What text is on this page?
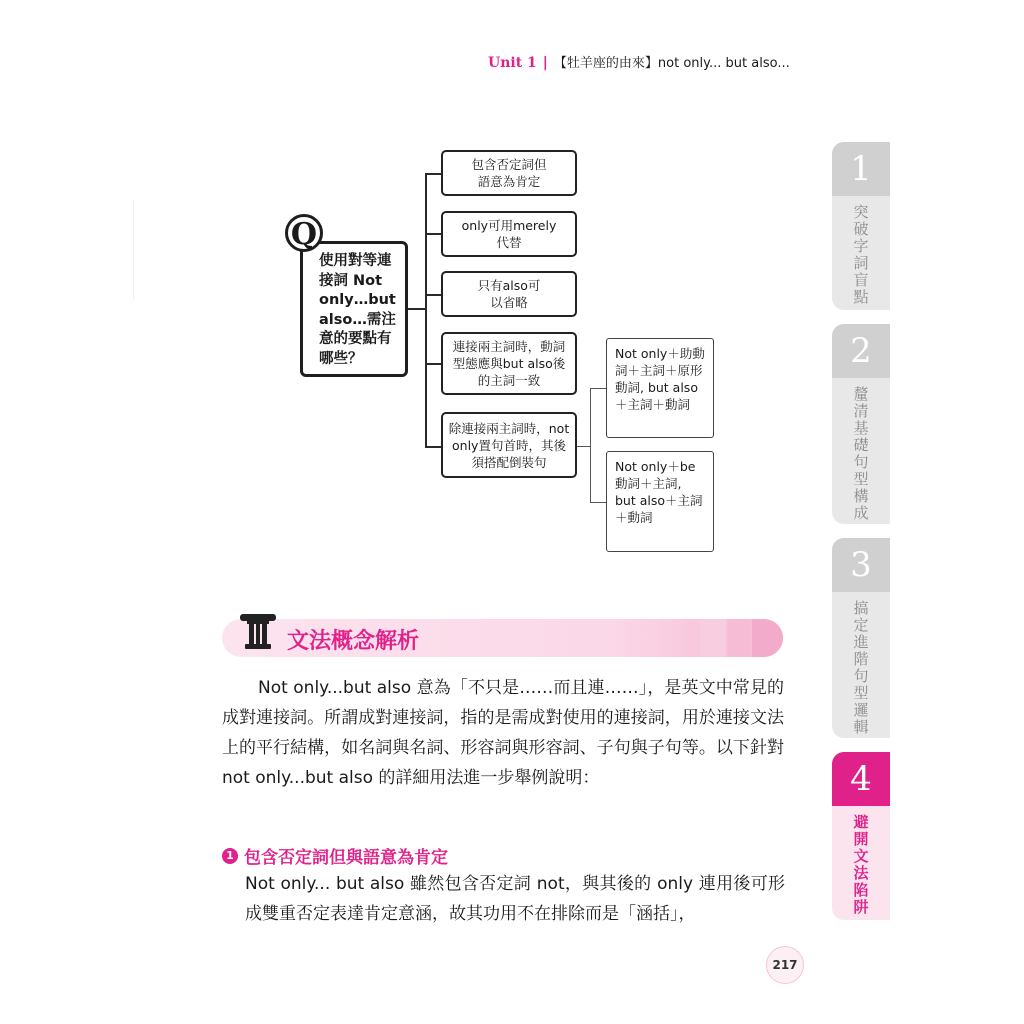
Unit 1 | 【牡羊座的由來】not only... but also...
使用對等連接詞 Not only…but also…需注意的要點有哪些？
Q
包含否定詞但語意為肯定
only可用merely代替
只有also可以省略
連接兩主詞時，動詞型態應與but also後的主詞一致
除連接兩主詞時，not only置句首時，其後須搭配倒裝句
Not only＋助動詞＋主詞＋原形動詞, but also＋主詞＋動詞
Not only＋be動詞＋主詞, but also＋主詞＋動詞
文法概念解析
Not only...but also 意為「不只是……而且連……」，是英文中常見的成對連接詞。所謂成對連接詞，指的是需成對使用的連接詞，用於連接文法上的平行結構，如名詞與名詞、形容詞與形容詞、子句與子句等。以下針對 not only...but also 的詳細用法進一步舉例說明：
1 包含否定詞但與語意為肯定
Not only... but also 雖然包含否定詞 not，與其後的 only 連用後可形成雙重否定表達肯定意涵，故其功用不在排除而是「涵括」，
1
突破字詞盲點
2
釐清基礎句型構成
3
搞定進階句型邏輯
4
避開文法陷阱
217
